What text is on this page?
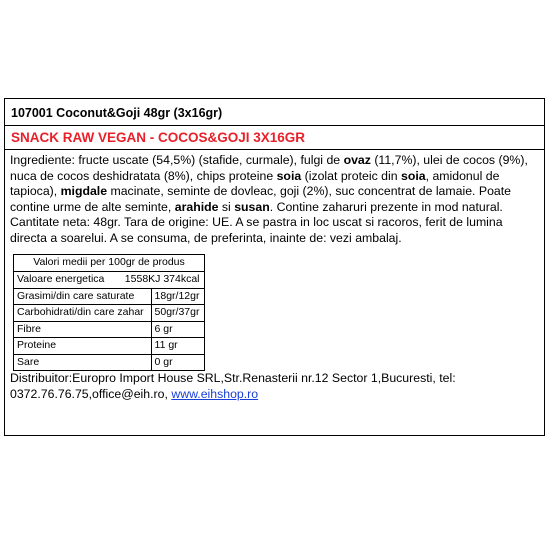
107001 Coconut&Goji 48gr (3x16gr)
SNACK RAW VEGAN - COCOS&GOJI 3X16GR

Ingrediente: fructe uscate (54,5%) (stafide, curmale), fulgi de ovaz (11,7%), ulei de cocos (9%), nuca de cocos deshidratata (8%), chips proteine soia (izolat proteic din soia, amidonul de tapioca), migdale macinate, seminte de dovleac, goji (2%), suc concentrat de lamaie. Poate contine urme de alte seminte, arahide si susan. Contine zaharuri prezente in mod natural.

Cantitate neta: 48gr. Tara de origine: UE. A se pastra in loc uscat si racoros, ferit de lumina directa a soarelui. A se consuma, de preferinta, inainte de: vezi ambalaj.

Valori medii per 100gr de produs	
Valoare energetica 1558KJ 374kcal	
Grasimi/din care saturate	18gr/12gr
Carbohidrati/din care zahar	50gr/37gr
Fibre	6 gr
Proteine	11 gr
Sare	0 gr

Distribuitor:Europro Import House SRL,Str.Renasterii nr.12 Sector 1,Bucuresti, tel: 0372.76.76.75,office@eih.ro, www.eihshop.ro
